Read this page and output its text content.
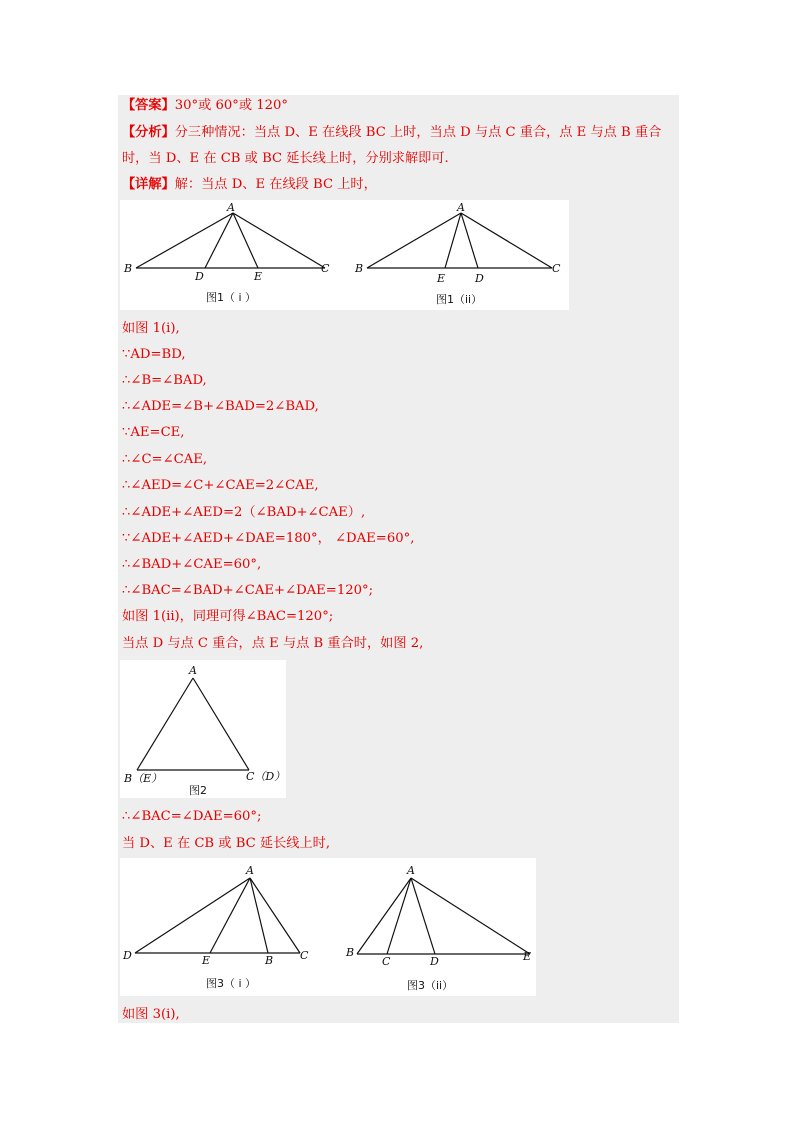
【答案】30°或 60°或 120°
【分析】分三种情况：当点 D、E 在线段 BC 上时，当点 D 与点 C 重合，点 E 与点 B 重合
时，当 D、E 在 CB 或 BC 延长线上时，分别求解即可.
【详解】解：当点 D、E 在线段 BC 上时，
A
B
D	E
C
图1（ i ）
A
B
E	D
C
图1（ii）
如图 1(i),
∵AD=BD,
∴∠B=∠BAD,
∴∠ADE=∠B+∠BAD=2∠BAD,
∵AE=CE,
∴∠C=∠CAE,
∴∠AED=∠C+∠CAE=2∠CAE,
∴∠ADE+∠AED=2（∠BAD+∠CAE）,
∵∠ADE+∠AED+∠DAE=180°， ∠DAE=60°,
∴∠BAD+∠CAE=60°,
∴∠BAC=∠BAD+∠CAE+∠DAE=120°;
如图 1(ii)，同理可得∠BAC=120°;
当点 D 与点 C 重合，点 E 与点 B 重合时，如图 2,
A
B（E）	C（D）
图2
∴∠BAC=∠DAE=60°;
当 D、E 在 CB 或 BC 延长线上时,
A
D	E	B C
图3（ i ）
A
B
C	D	E
图3（ii）
如图 3(i),
